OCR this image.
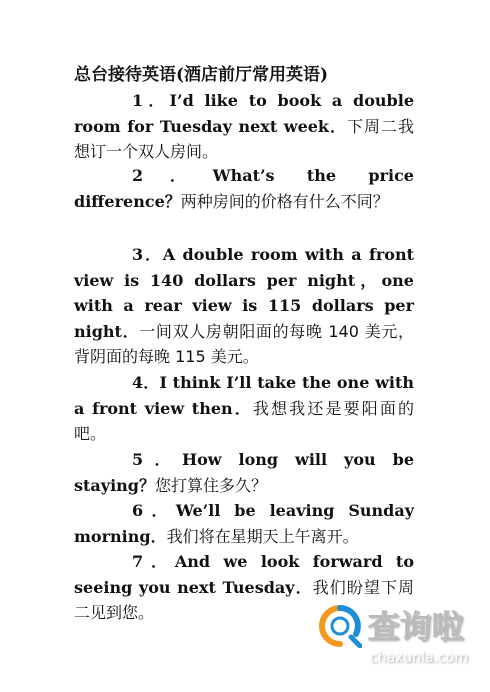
总台接待英语(酒店前厅常用英语)
1．I’d like to book a double room for Tuesday next week．下周二我想订一个双人房间。
2．What’s the price difference？两种房间的价格有什么不同？
3．A double room with a front view is 140 dollars per night，one with a rear view is 115 dollars per night．一间双人房朝阳面的每晚 140 美元，背阴面的每晚 115 美元。
4．I think I’ll take the one with a front view then．我想我还是要阳面的吧。
5．How long will you be staying？您打算住多久？
6．We’ll be leaving Sunday morning．我们将在星期天上午离开。
7．And we look forward to seeing you next Tuesday．我们盼望下周二见到您。	查询啦
chaxunla.com
